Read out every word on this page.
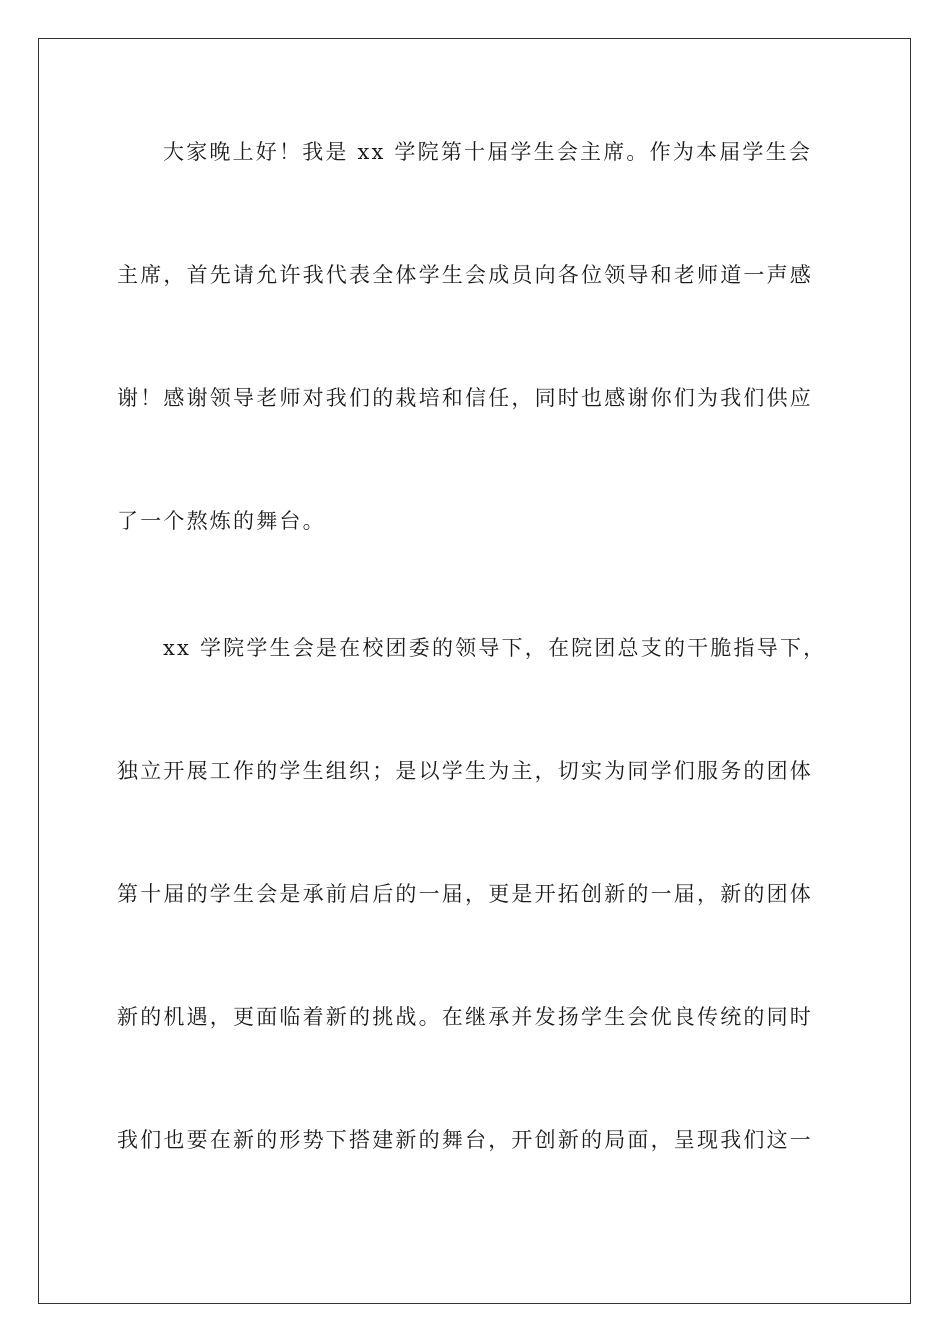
大家晚上好！我是 xx 学院第十届学生会主席。作为本届学生会
主席，首先请允许我代表全体学生会成员向各位领导和老师道一声感
谢！感谢领导老师对我们的栽培和信任，同时也感谢你们为我们供应
了一个熬炼的舞台。
xx 学院学生会是在校团委的领导下，在院团总支的干脆指导下，
独立开展工作的学生组织；是以学生为主，切实为同学们服务的团体
第十届的学生会是承前启后的一届，更是开拓创新的一届，新的团体
新的机遇，更面临着新的挑战。在继承并发扬学生会优良传统的同时
我们也要在新的形势下搭建新的舞台，开创新的局面，呈现我们这一
